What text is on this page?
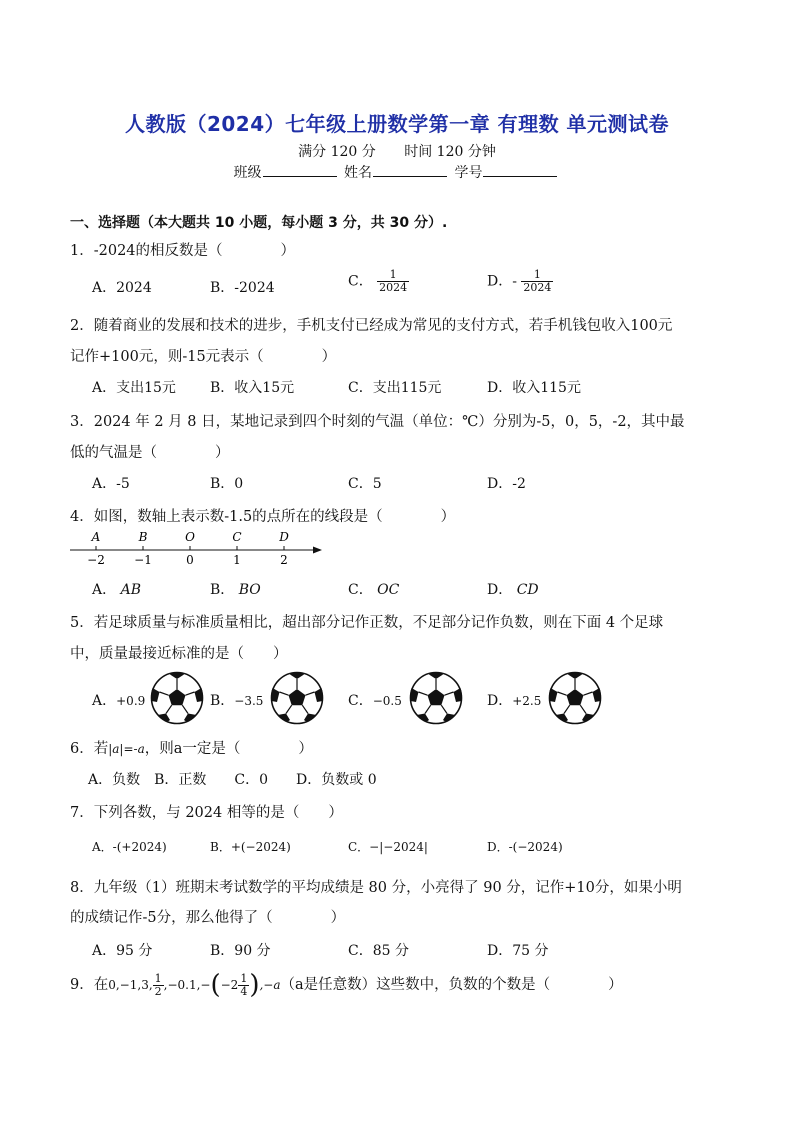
人教版（2024）七年级上册数学第一章 有理数 单元测试卷
满分 120 分 时间 120 分钟
班级	姓名	学号
一、选择题（本大题共 10 小题，每小题 3 分，共 30 分）.
1．-2024的相反数是（　　　　）
A．2024	B．-2024	C． $\frac{1}{2024}$	D．- $\frac{1}{2024}$
2．随着商业的发展和技术的进步，手机支付已经成为常见的支付方式，若手机钱包收入100元
记作+100元，则-15元表示（　　　　）
A．支出15元 B．收入15元	C．支出115元	D．收入115元
3．2024 年 2 月 8 日，某地记录到四个时刻的气温（单位：℃）分别为-5，0，5，-2，其中最
低的气温是（　　　　）
A．-5	B．0	C．5	D．-2
4．如图，数轴上表示数-1.5的点所在的线段是（　　　　）
A
−2
B
−1
O
0
C
1
D
2
A． AB	B． BO	C． OC	D． CD
5．若足球质量与标准质量相比，超出部分记作正数，不足部分记作负数，则在下面 4 个足球
中，质量最接近标准的是（　　）
A．+0.9	B．−3.5	C．−0.5	D．+2.5
6．若|a|=-a，则a一定是（　　　　）
A．负数　B．正数　　C．0　　D．负数或 0
7．下列各数，与 2024 相等的是（　　）
A．-(+2024)	B．+(−2024)	C．−|−2024|	D．-(−2024)
8．九年级（1）班期末考试数学的平均成绩是 80 分，小亮得了 90 分，记作+10分，如果小明
的成绩记作-5分，那么他得了（　　　　）
A．95 分	B．90 分	C．85 分	D．75 分
9．在0,−1,3, $\frac{1}{2} ,-0.1,-(-2 \frac{1}{4} ),-a(a$是任意数）这些数中，负数的个数是（　　　　）
